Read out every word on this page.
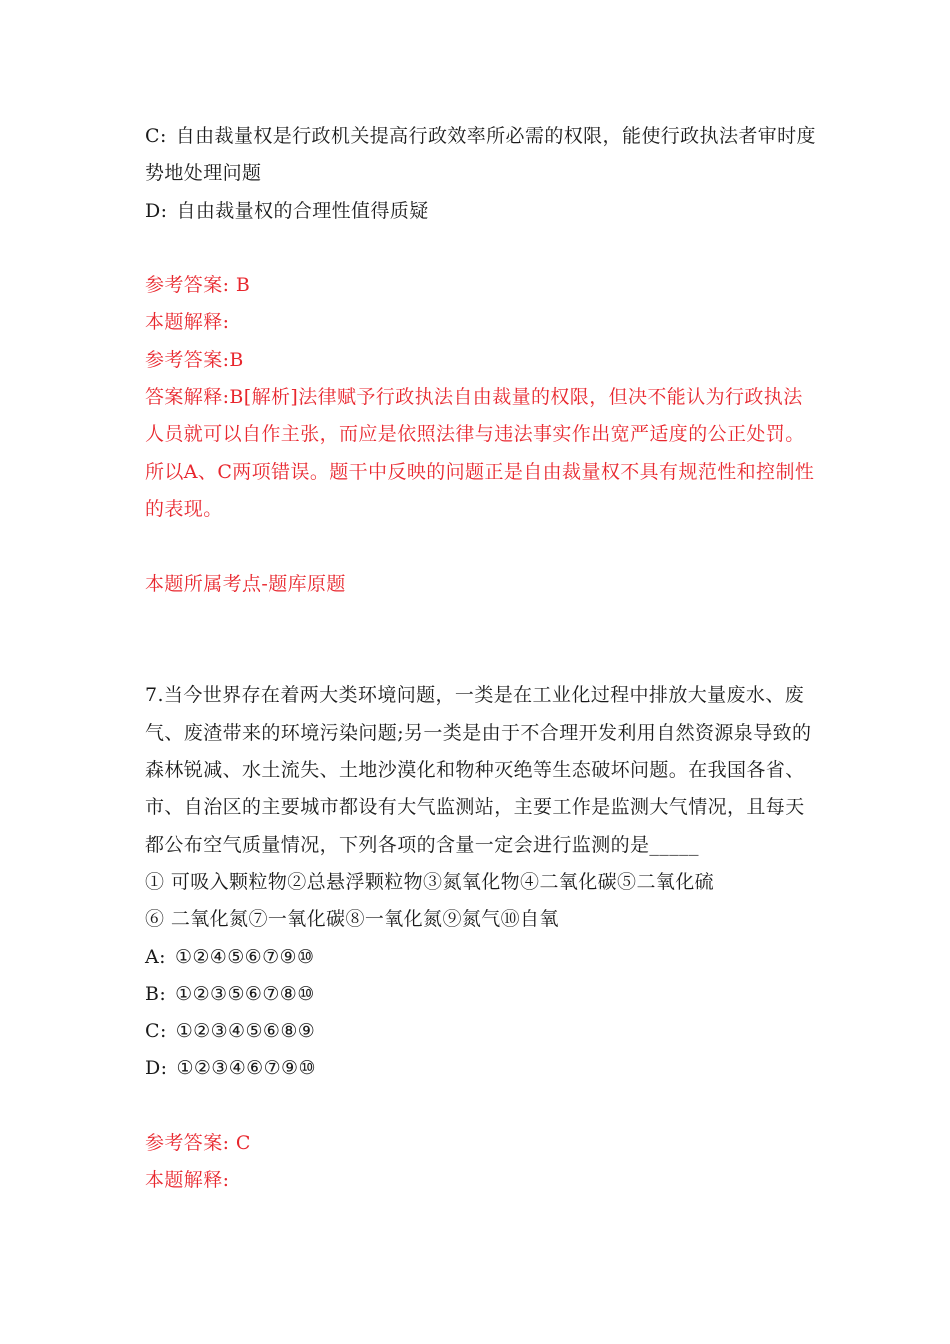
C: 自由裁量权是行政机关提高行政效率所必需的权限，能使行政执法者审时度
势地处理问题
D: 自由裁量权的合理性值得质疑
参考答案: B
本题解释:
参考答案:B
答案解释:B[解析]法律赋予行政执法自由裁量的权限，但决不能认为行政执法
人员就可以自作主张，而应是依照法律与违法事实作出宽严适度的公正处罚。
所以A、C两项错误。题干中反映的问题正是自由裁量权不具有规范性和控制性
的表现。
本题所属考点-题库原题
7.当今世界存在着两大类环境问题，一类是在工业化过程中排放大量废水、废
气、废渣带来的环境污染问题;另一类是由于不合理开发利用自然资源泉导致的
森林锐减、水土流失、土地沙漠化和物种灭绝等生态破坏问题。在我国各省、
市、自治区的主要城市都设有大气监测站，主要工作是监测大气情况，且每天
都公布空气质量情况，下列各项的含量一定会进行监测的是_____
① 可吸入颗粒物②总悬浮颗粒物③氮氧化物④二氧化碳⑤二氧化硫
⑥ 二氧化氮⑦一氧化碳⑧一氧化氮⑨氮气⑩自氧
A: ①②④⑤⑥⑦⑨⑩
B: ①②③⑤⑥⑦⑧⑩
C: ①②③④⑤⑥⑧⑨
D: ①②③④⑥⑦⑨⑩
参考答案: C
本题解释:
